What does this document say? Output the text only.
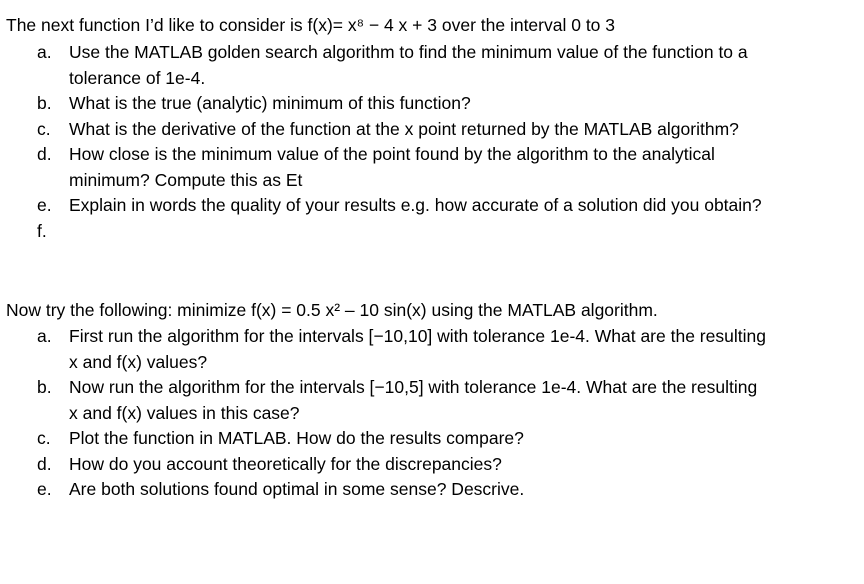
The next function I’d like to consider is f(x)= x⁸ − 4 x + 3 over the interval 0 to 3
a. Use the MATLAB golden search algorithm to find the minimum value of the function to a tolerance of 1e-4.
b. What is the true (analytic) minimum of this function?
c. What is the derivative of the function at the x point returned by the MATLAB algorithm?
d. How close is the minimum value of the point found by the algorithm to the analytical minimum? Compute this as Et
e. Explain in words the quality of your results e.g. how accurate of a solution did you obtain?
f.
Now try the following: minimize f(x) = 0.5 x² – 10 sin(x) using the MATLAB algorithm.
a. First run the algorithm for the intervals [−10,10] with tolerance 1e-4. What are the resulting x and f(x) values?
b. Now run the algorithm for the intervals [−10,5] with tolerance 1e-4. What are the resulting x and f(x) values in this case?
c. Plot the function in MATLAB. How do the results compare?
d. How do you account theoretically for the discrepancies?
e. Are both solutions found optimal in some sense? Descrive.
